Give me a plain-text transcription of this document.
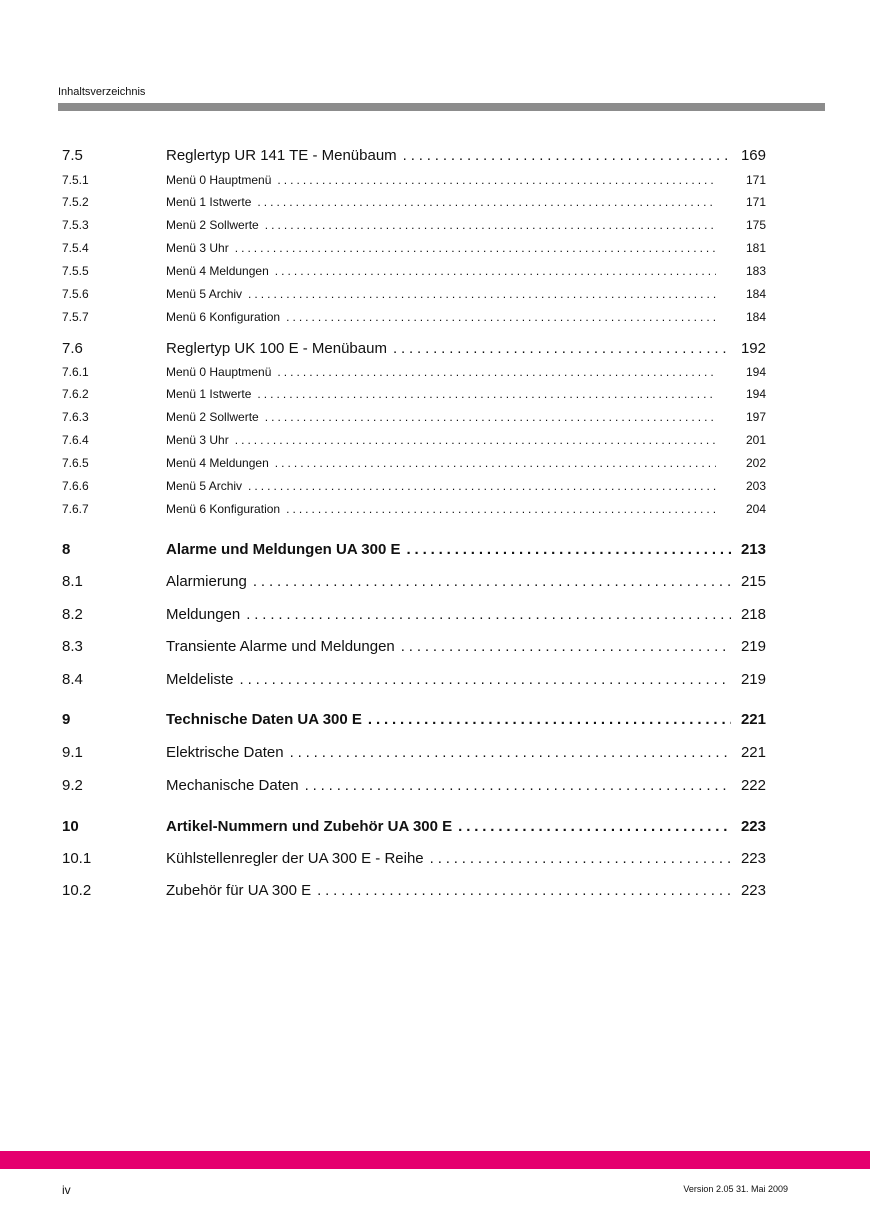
Inhaltsverzeichnis
7.5	Reglertyp UR 141 TE - Menübaum . . .	169
7.5.1	Menü 0 Hauptmenü . . .	171
7.5.2	Menü 1 Istwerte . . .	171
7.5.3	Menü 2 Sollwerte . . .	175
7.5.4	Menü 3 Uhr . . .	181
7.5.5	Menü 4 Meldungen . . .	183
7.5.6	Menü 5 Archiv . . .	184
7.5.7	Menü 6 Konfiguration . . .	184
7.6	Reglertyp UK 100 E - Menübaum . . .	192
7.6.1	Menü 0 Hauptmenü . . .	194
7.6.2	Menü 1 Istwerte . . .	194
7.6.3	Menü 2 Sollwerte . . .	197
7.6.4	Menü 3 Uhr . . .	201
7.6.5	Menü 4 Meldungen . . .	202
7.6.6	Menü 5 Archiv . . .	203
7.6.7	Menü 6 Konfiguration . . .	204
8	Alarme und Meldungen UA 300 E . . .	213
8.1	Alarmierung . . .	215
8.2	Meldungen . . .	218
8.3	Transiente Alarme und Meldungen . . .	219
8.4	Meldeliste . . .	219
9	Technische Daten UA 300 E . . .	221
9.1	Elektrische Daten . . .	221
9.2	Mechanische Daten . . .	222
10	Artikel-Nummern und Zubehör UA 300 E . . .	223
10.1	Kühlstellenregler der UA 300 E - Reihe . . .	223
10.2	Zubehör für UA 300 E . . .	223
iv	Version 2.05 31. Mai 2009
